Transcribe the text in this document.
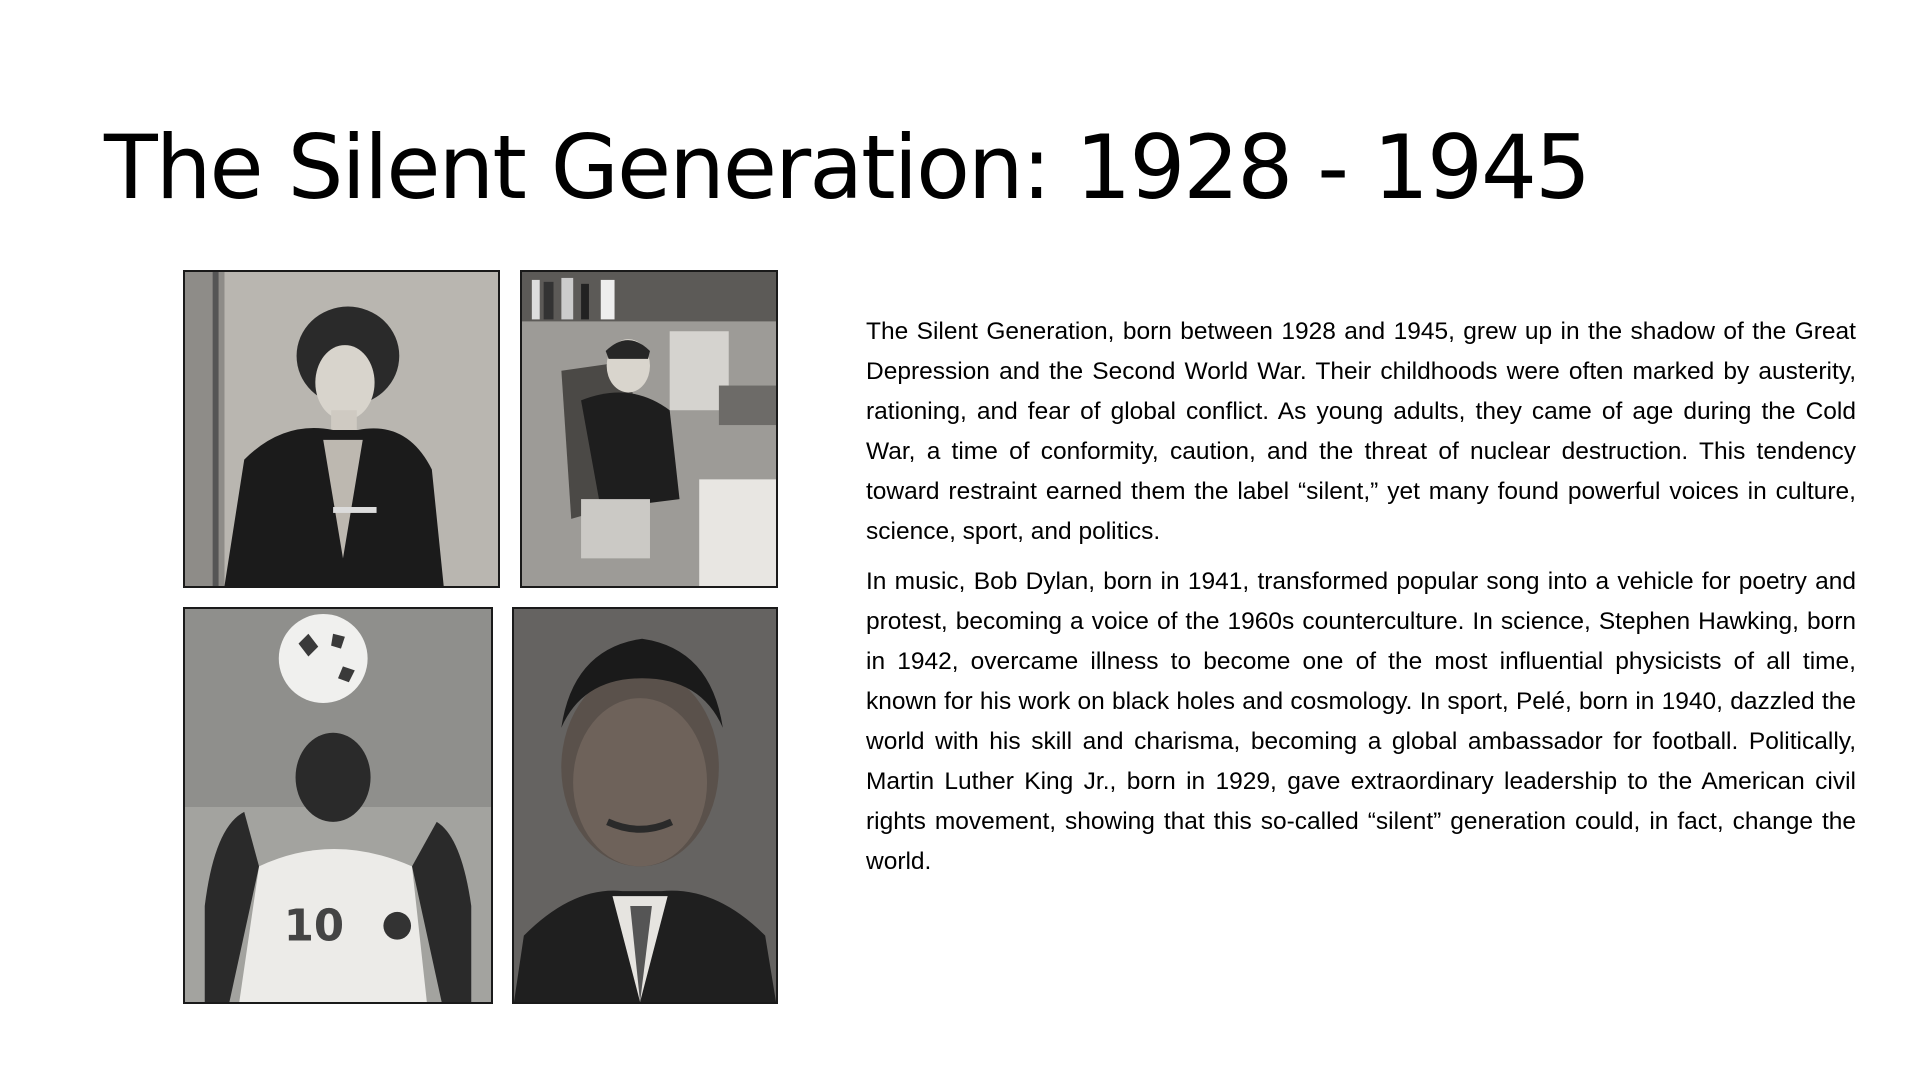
The Silent Generation: 1928 - 1945
10

The Silent Generation, born between 1928 and 1945, grew up in the shadow of the Great Depression and the Second World War. Their childhoods were often marked by austerity, rationing, and fear of global conflict. As young adults, they came of age during the Cold War, a time of conformity, caution, and the threat of nuclear destruction. This tendency toward restraint earned them the label “silent,” yet many found powerful voices in culture, science, sport, and politics.

In music, Bob Dylan, born in 1941, transformed popular song into a vehicle for poetry and protest, becoming a voice of the 1960s counterculture. In science, Stephen Hawking, born in 1942, overcame illness to become one of the most influential physicists of all time, known for his work on black holes and cosmology. In sport, Pelé, born in 1940, dazzled the world with his skill and charisma, becoming a global ambassador for football. Politically, Martin Luther King Jr., born in 1929, gave extraordinary leadership to the American civil rights movement, showing that this so-called “silent” generation could, in fact, change the world.
